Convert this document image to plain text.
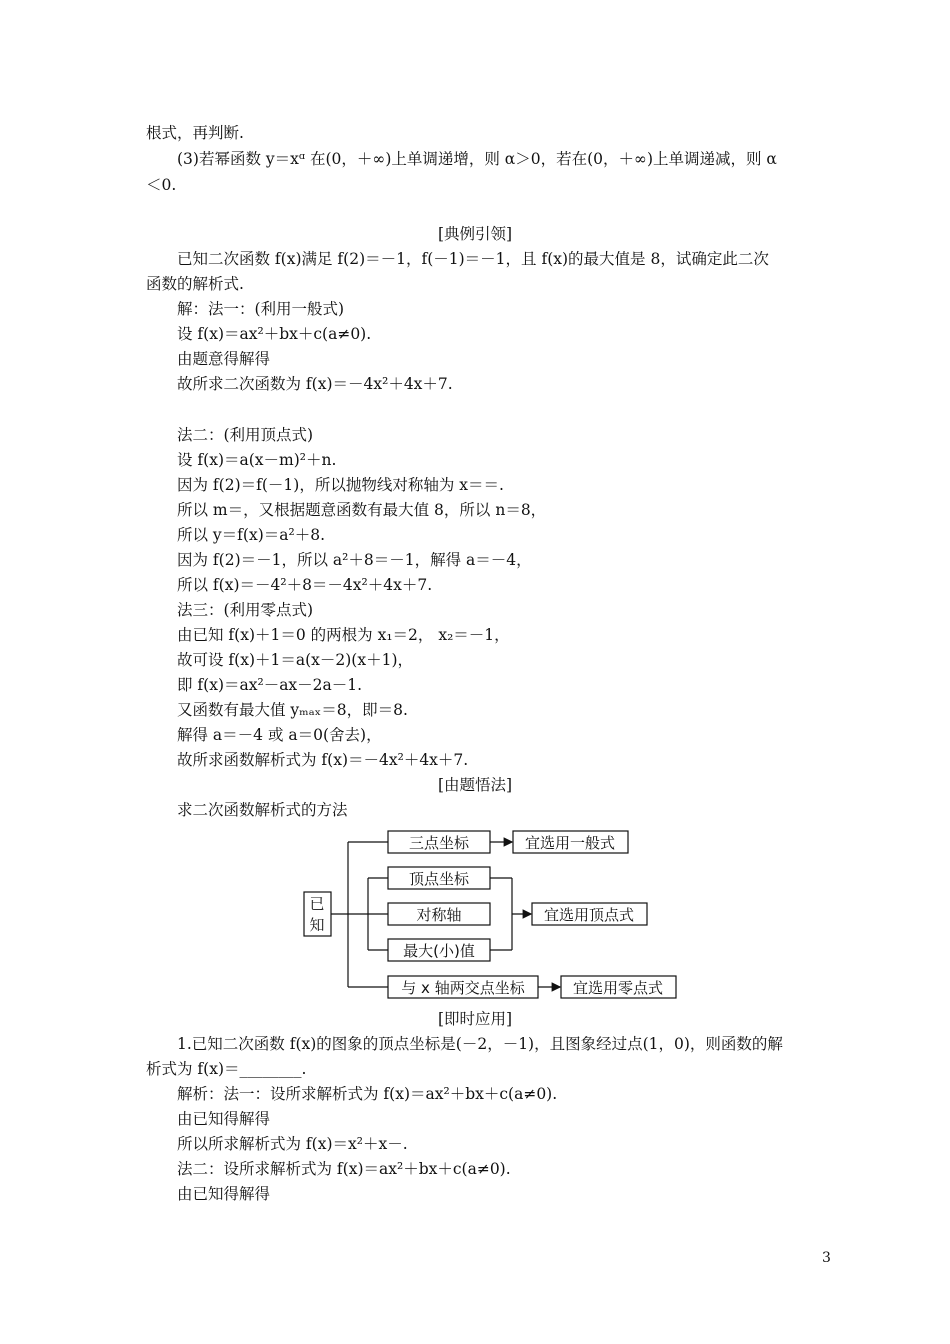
根式，再判断.
(3)若幂函数 y＝xᵅ 在(0，＋∞)上单调递增，则 α＞0，若在(0，＋∞)上单调递减，则 α
＜0.
[典例引领]
已知二次函数 f(x)满足 f(2)＝－1，f(－1)＝－1，且 f(x)的最大值是 8，试确定此二次
函数的解析式.
解：法一：(利用一般式)
设 f(x)＝ax²＋bx＋c(a≠0).
由题意得解得
故所求二次函数为 f(x)＝－4x²＋4x＋7.
法二：(利用顶点式)
设 f(x)＝a(x－m)²＋n.
因为 f(2)＝f(－1)，所以抛物线对称轴为 x＝＝.
所以 m＝，又根据题意函数有最大值 8，所以 n＝8，
所以 y＝f(x)＝a²＋8.
因为 f(2)＝－1，所以 a²＋8＝－1，解得 a＝－4，
所以 f(x)＝－4²＋8＝－4x²＋4x＋7.
法三：(利用零点式)
由已知 f(x)＋1＝0 的两根为 x₁＝2， x₂＝－1，
故可设 f(x)＋1＝a(x－2)(x＋1)，
即 f(x)＝ax²－ax－2a－1.
又函数有最大值 yₘₐₓ＝8，即＝8.
解得 a＝－4 或 a＝0(舍去)，
故所求函数解析式为 f(x)＝－4x²＋4x＋7.
[由题悟法]
求二次函数解析式的方法
已
知
三点坐标
顶点坐标
对称轴
最大(小)值
与 x 轴两交点坐标
宜选用一般式
宜选用顶点式
宜选用零点式
[即时应用]
1.已知二次函数 f(x)的图象的顶点坐标是(－2，－1)，且图象经过点(1，0)，则函数的解
析式为 f(x)＝________.
解析：法一：设所求解析式为 f(x)＝ax²＋bx＋c(a≠0).
由已知得解得
所以所求解析式为 f(x)＝x²＋x－.
法二：设所求解析式为 f(x)＝ax²＋bx＋c(a≠0).
由已知得解得
3
